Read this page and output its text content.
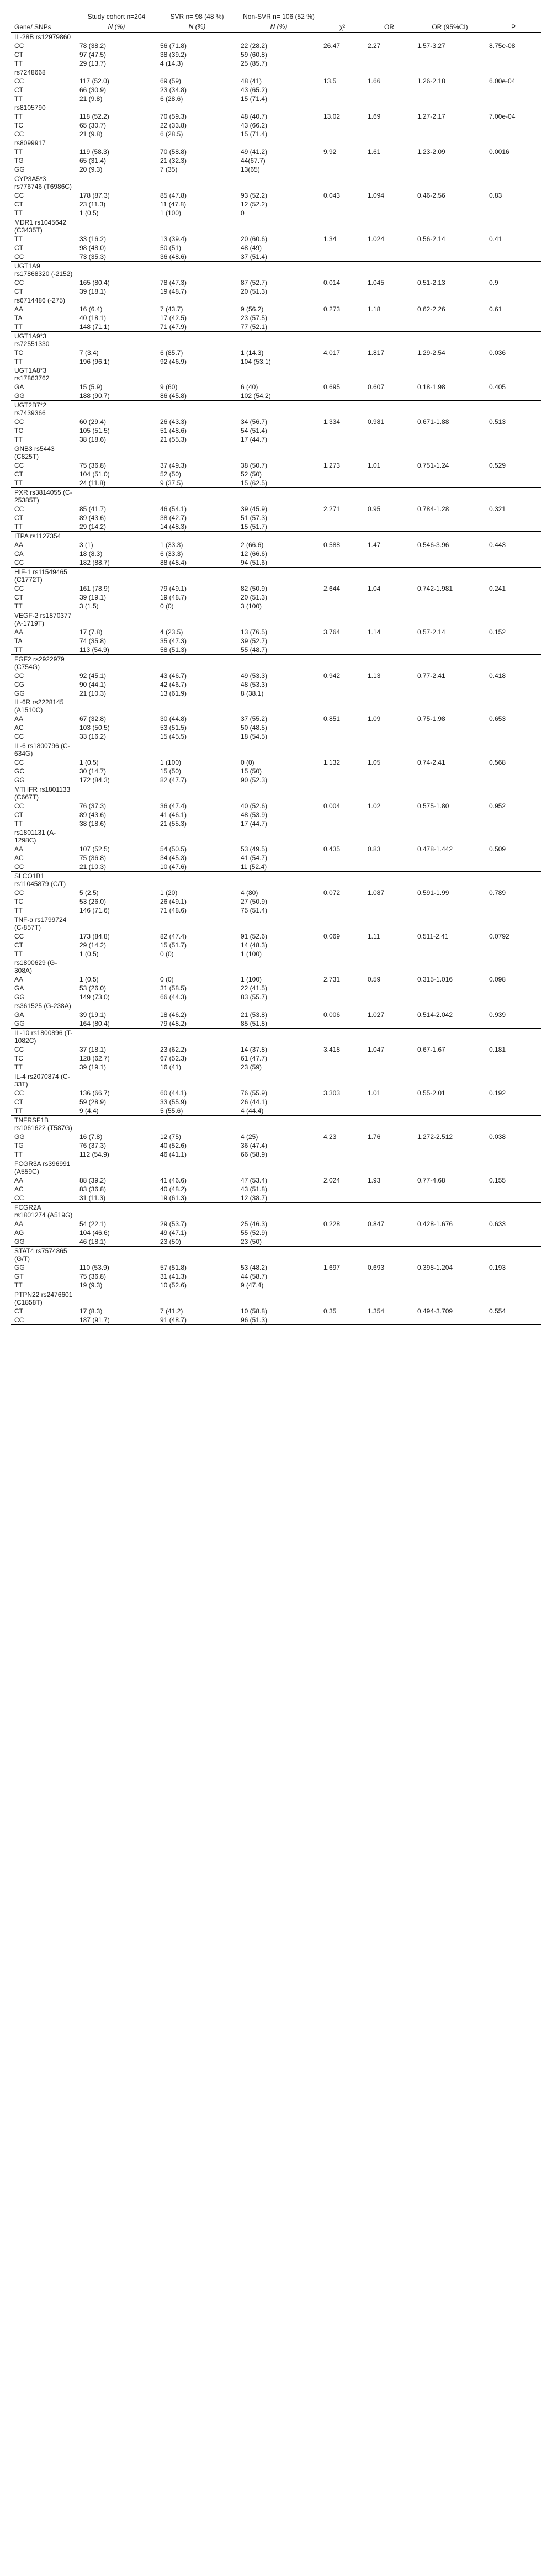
Gene/ SNPs	Study cohort n=204	SVR n= 98 (48 %)	Non-SVR n= 106 (52 %)	χ²	OR	OR (95%CI)	P
	N (%)	N (%)	N (%)				
IL-28B rs12979860							
CC	78 (38.2)	56 (71.8)	22 (28.2)	26.47	2.27	1.57-3.27	8.75e-08
CT	97 (47.5)	38 (39.2)	59 (60.8)				
TT	29 (13.7)	4 (14.3)	25 (85.7)				
rs7248668							
CC	117 (52.0)	69 (59)	48 (41)	13.5	1.66	1.26-2.18	6.00e-04
CT	66 (30.9)	23 (34.8)	43 (65.2)				
TT	21 (9.8)	6 (28.6)	15 (71.4)				
rs8105790							
TT	118 (52.2)	70 (59.3)	48 (40.7)	13.02	1.69	1.27-2.17	7.00e-04
TC	65 (30.7)	22 (33.8)	43 (66.2)				
CC	21 (9.8)	6 (28.5)	15 (71.4)				
rs8099917							
TT	119 (58.3)	70 (58.8)	49 (41.2)	9.92	1.61	1.23-2.09	0.0016
TG	65 (31.4)	21 (32.3)	44(67.7)				
GG	20 (9.3)	7 (35)	13(65)				
CYP3A5*3 rs776746 (T6986C)							
CC	178 (87.3)	85 (47.8)	93 (52.2)	0.043	1.094	0.46-2.56	0.83
CT	23 (11.3)	11 (47.8)	12 (52.2)				
TT	1 (0.5)	1 (100)	0				
MDR1 rs1045642 (C3435T)							
TT	33 (16.2)	13 (39.4)	20 (60.6)	1.34	1.024	0.56-2.14	0.41
CT	98 (48.0)	50 (51)	48 (49)				
CC	73 (35.3)	36 (48.6)	37 (51.4)				
UGT1A9 rs17868320 (-2152)							
CC	165 (80.4)	78 (47.3)	87 (52.7)	0.014	1.045	0.51-2.13	0.9
CT	39 (18.1)	19 (48.7)	20 (51.3)				
rs6714486 (-275)							
AA	16 (6.4)	7 (43.7)	9 (56.2)	0.273	1.18	0.62-2.26	0.61
TA	40 (18.1)	17 (42.5)	23 (57.5)				
TT	148 (71.1)	71 (47.9)	77 (52.1)				
UGT1A9*3 rs72551330							
TC	7 (3.4)	6 (85.7)	1 (14.3)	4.017	1.817	1.29-2.54	0.036
TT	196 (96.1)	92 (46.9)	104 (53.1)				
UGT1A8*3 rs17863762							
GA	15 (5.9)	9 (60)	6 (40)	0.695	0.607	0.18-1.98	0.405
GG	188 (90.7)	86 (45.8)	102 (54.2)				
UGT2B7*2 rs7439366							
CC	60 (29.4)	26 (43.3)	34 (56.7)	1.334	0.981	0.671-1.88	0.513
TC	105 (51.5)	51 (48.6)	54 (51.4)				
TT	38 (18.6)	21 (55.3)	17 (44.7)				
GNB3 rs5443 (C825T)							
CC	75 (36.8)	37 (49.3)	38 (50.7)	1.273	1.01	0.751-1.24	0.529
CT	104 (51.0)	52 (50)	52 (50)				
TT	24 (11.8)	9 (37.5)	15 (62.5)				
PXR rs3814055 (C-25385T)							
CC	85 (41.7)	46 (54.1)	39 (45.9)	2.271	0.95	0.784-1.28	0.321
CT	89 (43.6)	38 (42.7)	51 (57.3)				
TT	29 (14.2)	14 (48.3)	15 (51.7)				
ITPA rs1127354							
AA	3 (1)	1 (33.3)	2 (66.6)	0.588	1.47	0.546-3.96	0.443
CA	18 (8.3)	6 (33.3)	12 (66.6)				
CC	182 (88.7)	88 (48.4)	94 (51.6)				
HIF-1 rs11549465 (C1772T)							
CC	161 (78.9)	79 (49.1)	82 (50.9)	2.644	1.04	0.742-1.981	0.241
CT	39 (19.1)	19 (48.7)	20 (51.3)				
TT	3 (1.5)	0 (0)	3 (100)				
VEGF-2 rs1870377 (A-1719T)							
AA	17 (7.8)	4 (23.5)	13 (76.5)	3.764	1.14	0.57-2.14	0.152
TA	74 (35.8)	35 (47.3)	39 (52.7)				
TT	113 (54.9)	58 (51.3)	55 (48.7)				
FGF2 rs2922979 (C754G)							
CC	92 (45.1)	43 (46.7)	49 (53.3)	0.942	1.13	0.77-2.41	0.418
CG	90 (44.1)	42 (46.7)	48 (53.3)				
GG	21 (10.3)	13 (61.9)	8 (38.1)				
IL-6R rs2228145 (A1510C)							
AA	67 (32.8)	30 (44.8)	37 (55.2)	0.851	1.09	0.75-1.98	0.653
AC	103 (50.5)	53 (51.5)	50 (48.5)				
CC	33 (16.2)	15 (45.5)	18 (54.5)				
IL-6 rs1800796 (C-634G)							
CC	1 (0.5)	1 (100)	0 (0)	1.132	1.05	0.74-2.41	0.568
GC	30 (14.7)	15 (50)	15 (50)				
GG	172 (84.3)	82 (47.7)	90 (52.3)				
MTHFR rs1801133 (C667T)							
CC	76 (37.3)	36 (47.4)	40 (52.6)	0.004	1.02	0.575-1.80	0.952
CT	89 (43.6)	41 (46.1)	48 (53.9)				
TT	38 (18.6)	21 (55.3)	17 (44.7)				
rs1801131 (A-1298C)							
AA	107 (52.5)	54 (50.5)	53 (49.5)	0.435	0.83	0.478-1.442	0.509
AC	75 (36.8)	34 (45.3)	41 (54.7)				
CC	21 (10.3)	10 (47.6)	11 (52.4)				
SLCO1B1 rs11045879 (C/T)							
CC	5 (2.5)	1 (20)	4 (80)	0.072	1.087	0.591-1.99	0.789
TC	53 (26.0)	26 (49.1)	27 (50.9)				
TT	146 (71.6)	71 (48.6)	75 (51.4)				
TNF-α rs1799724 (C-857T)							
CC	173 (84.8)	82 (47.4)	91 (52.6)	0.069	1.11	0.511-2.41	0.0792
CT	29 (14.2)	15 (51.7)	14 (48.3)				
TT	1 (0.5)	0 (0)	1 (100)				
rs1800629 (G-308A)							
AA	1 (0.5)	0 (0)	1 (100)	2.731	0.59	0.315-1.016	0.098
GA	53 (26.0)	31 (58.5)	22 (41.5)				
GG	149 (73.0)	66 (44.3)	83 (55.7)				
rs361525 (G-238A)							
GA	39 (19.1)	18 (46.2)	21 (53.8)	0.006	1.027	0.514-2.042	0.939
GG	164 (80.4)	79 (48.2)	85 (51.8)				
IL-10 rs1800896 (T-1082C)							
CC	37 (18.1)	23 (62.2)	14 (37.8)	3.418	1.047	0.67-1.67	0.181
TC	128 (62.7)	67 (52.3)	61 (47.7)				
TT	39 (19.1)	16 (41)	23 (59)				
IL-4 rs2070874 (C-33T)							
CC	136 (66.7)	60 (44.1)	76 (55.9)	3.303	1.01	0.55-2.01	0.192
CT	59 (28.9)	33 (55.9)	26 (44.1)				
TT	9 (4.4)	5 (55.6)	4 (44.4)				
TNFRSF1B rs1061622 (T587G)							
GG	16 (7.8)	12 (75)	4 (25)	4.23	1.76	1.272-2.512	0.038
TG	76 (37.3)	40 (52.6)	36 (47.4)				
TT	112 (54.9)	46 (41.1)	66 (58.9)				
FCGR3A rs396991 (A559C)							
AA	88 (39.2)	41 (46.6)	47 (53.4)	2.024	1.93	0.77-4.68	0.155
AC	83 (36.8)	40 (48.2)	43 (51.8)				
CC	31 (11.3)	19 (61.3)	12 (38.7)				
FCGR2A rs1801274 (A519G)							
AA	54 (22.1)	29 (53.7)	25 (46.3)	0.228	0.847	0.428-1.676	0.633
AG	104 (46.6)	49 (47.1)	55 (52.9)				
GG	46 (18.1)	23 (50)	23 (50)				
STAT4 rs7574865 (G/T)							
GG	110 (53.9)	57 (51.8)	53 (48.2)	1.697	0.693	0.398-1.204	0.193
GT	75 (36.8)	31 (41.3)	44 (58.7)				
TT	19 (9.3)	10 (52.6)	9 (47.4)				
PTPN22 rs2476601 (C1858T)							
CT	17 (8.3)	7 (41.2)	10 (58.8)	0.35	1.354	0.494-3.709	0.554
CC	187 (91.7)	91 (48.7)	96 (51.3)				
